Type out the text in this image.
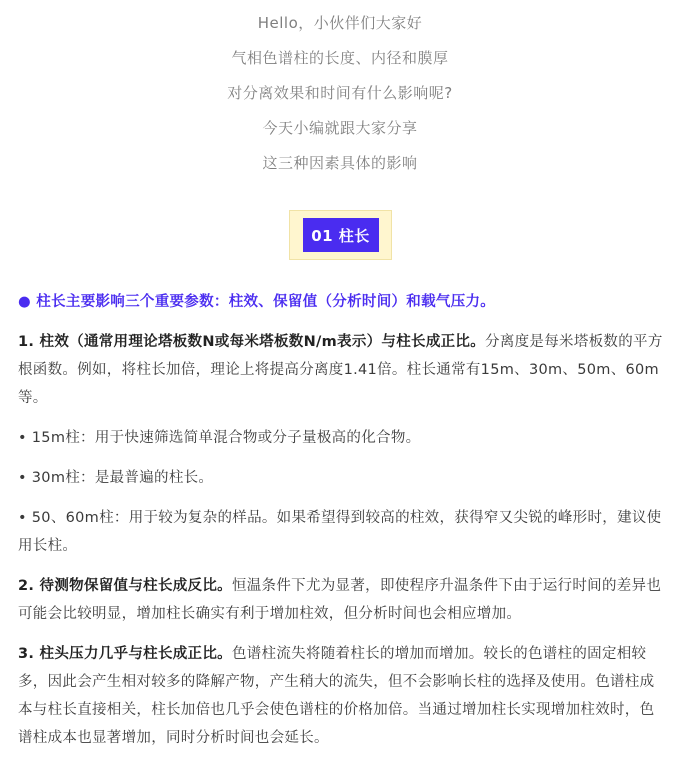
Hello，小伙伴们大家好

气相色谱柱的长度、内径和膜厚

对分离效果和时间有什么影响呢?

今天小编就跟大家分享

这三种因素具体的影响

01 柱长

● 柱长主要影响三个重要参数：柱效、保留值（分析时间）和载气压力。

1. 柱效（通常用理论塔板数N或每米塔板数N/m表示）与柱长成正比。分离度是每米塔板数的平方根函数。例如，将柱长加倍，理论上将提高分离度1.41倍。柱长通常有15m、30m、50m、60m等。

• 15m柱：用于快速筛选简单混合物或分子量极高的化合物。

• 30m柱：是最普遍的柱长。

• 50、60m柱：用于较为复杂的样品。如果希望得到较高的柱效，获得窄又尖锐的峰形时，建议使用长柱。

2. 待测物保留值与柱长成反比。恒温条件下尤为显著，即使程序升温条件下由于运行时间的差异也可能会比较明显，增加柱长确实有利于增加柱效，但分析时间也会相应增加。

3. 柱头压力几乎与柱长成正比。色谱柱流失将随着柱长的增加而增加。较长的色谱柱的固定相较多，因此会产生相对较多的降解产物，产生稍大的流失，但不会影响长柱的选择及使用。色谱柱成本与柱长直接相关，柱长加倍也几乎会使色谱柱的价格加倍。当通过增加柱长实现增加柱效时，色谱柱成本也显著增加，同时分析时间也会延长。
